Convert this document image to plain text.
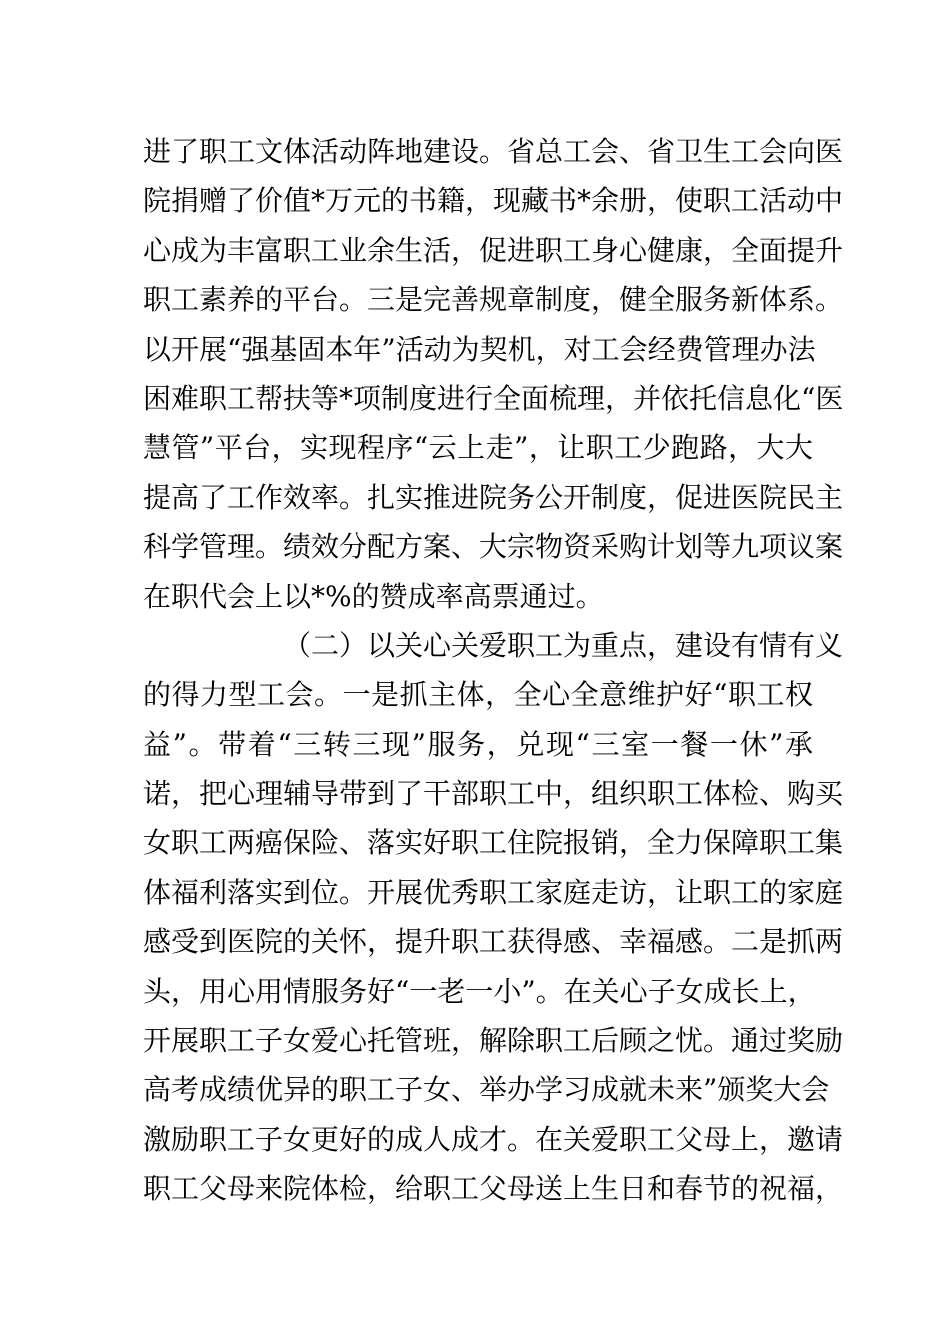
进了职工文体活动阵地建设。省总工会、省卫生工会向医
院捐赠了价值*万元的书籍，现藏书*余册，使职工活动中
心成为丰富职工业余生活，促进职工身心健康，全面提升
职工素养的平台。三是完善规章制度，健全服务新体系。
以开展“强基固本年”活动为契机，对工会经费管理办法
困难职工帮扶等*项制度进行全面梳理，并依托信息化“医
慧管”平台，实现程序“云上走”，让职工少跑路，大大
提高了工作效率。扎实推进院务公开制度，促进医院民主
科学管理。绩效分配方案、大宗物资采购计划等九项议案
在职代会上以*%的赞成率高票通过。
（二）以关心关爱职工为重点，建设有情有义
的得力型工会。一是抓主体，全心全意维护好“职工权
益”。带着“三转三现”服务，兑现“三室一餐一休”承
诺，把心理辅导带到了干部职工中，组织职工体检、购买
女职工两癌保险、落实好职工住院报销，全力保障职工集
体福利落实到位。开展优秀职工家庭走访，让职工的家庭
感受到医院的关怀，提升职工获得感、幸福感。二是抓两
头，用心用情服务好“一老一小”。在关心子女成长上，
开展职工子女爱心托管班，解除职工后顾之忧。通过奖励
高考成绩优异的职工子女、举办学习成就未来”颁奖大会
激励职工子女更好的成人成才。在关爱职工父母上，邀请
职工父母来院体检，给职工父母送上生日和春节的祝福，
